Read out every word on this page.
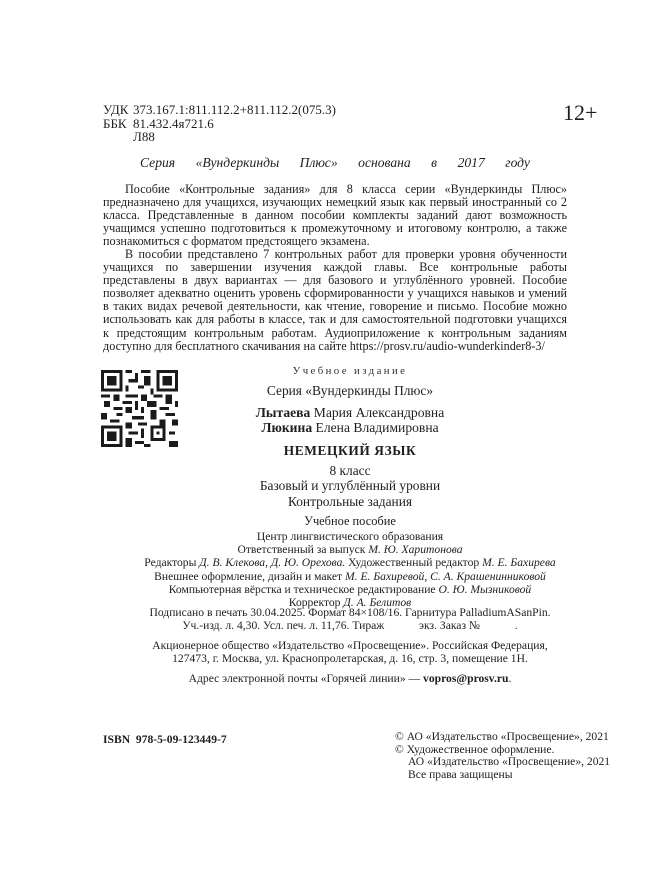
УДК 373.167.1:811.112.2+811.112.2(075.3)
ББК 81.432.4я721.6
Л88
12+
Серия «Вундеркинды Плюс» основана в 2017 году

Пособие «Контрольные задания» для 8 класса серии «Вундеркинды Плюс» предназначено для учащихся, изучающих немецкий язык как первый иностранный со 2 класса. Представленные в данном пособии комплекты заданий дают возможность учащимся успешно подготовиться к промежуточному и итоговому контролю, а также познакомиться с форматом предстоящего экзамена.

В пособии представлено 7 контрольных работ для проверки уровня обученности учащихся по завершении изучения каждой главы. Все контрольные работы представлены в двух вариантах — для базового и углублённого уровней. Пособие позволяет адекватно оценить уровень сформированности у учащихся навыков и умений в таких видах речевой деятельности, как чтение, говорение и письмо. Пособие можно использовать как для работы в классе, так и для самостоятельной подготовки учащихся к предстоящим контрольным работам. Аудиоприложение к контрольным заданиям доступно для бесплатного скачивания на сайте https://prosv.ru/audio-wunderkinder8-3/

Учебное издание
Серия «Вундеркинды Плюс»
Лытаева Мария Александровна
Люкина Елена Владимировна
НЕМЕЦКИЙ ЯЗЫК
8 класс
Базовый и углублённый уровни
Контрольные задания
Учебное пособие
Центр лингвистического образования
Ответственный за выпуск М. Ю. Харитонова
Редакторы Д. В. Клекова, Д. Ю. Орехова. Художественный редактор М. Е. Бахирева
Внешнее оформление, дизайн и макет М. Е. Бахиревой, С. А. Крашенинниковой
Компьютерная вёрстка и техническое редактирование О. Ю. Мызниковой
Корректор Д. А. Белитов
Подписано в печать 30.04.2025. Формат 84×108/16. Гарнитура PalladiumASanPin.
Уч.-изд. л. 4,30. Усл. печ. л. 11,76. Тираж            экз. Заказ №            .
Акционерное общество «Издательство «Просвещение». Российская Федерация,
127473, г. Москва, ул. Краснопролетарская, д. 16, стр. 3, помещение 1Н.
Адрес электронной почты «Горячей линии» — vopros@prosv.ru.
ISBN  978-5-09-123449-7	© АО «Издательство «Просвещение», 2021
© Художественное оформление.
АО «Издательство «Просвещение», 2021
Все права защищены
